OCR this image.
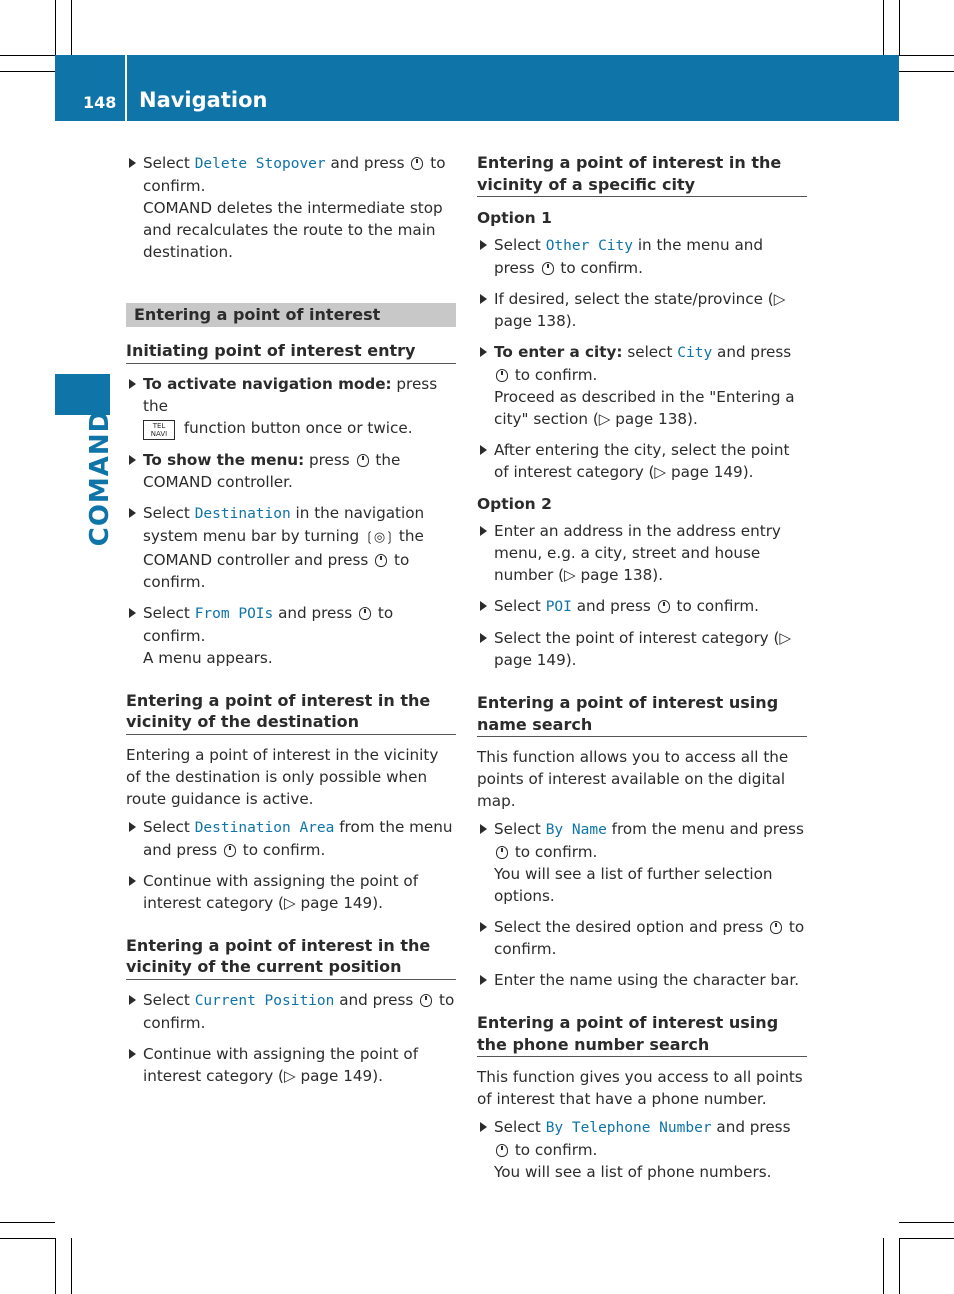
148 Navigation
COMAND
Select Delete Stopover and press  to confirm.
COMAND deletes the intermediate stop and recalculates the route to the main destination.
Entering a point of interest
Initiating point of interest entry
To activate navigation mode: press the
TEL
NAVI function button once or twice.
To show the menu: press  the COMAND controller.
Select Destination in the navigation system menu bar by turning ❲◎❳ the COMAND controller and press  to confirm.
Select From POIs and press  to confirm.
A menu appears.
Entering a point of interest in the vicinity of the destination
Entering a point of interest in the vicinity of the destination is only possible when route guidance is active.
Select Destination Area from the menu and press  to confirm.
Continue with assigning the point of interest category (▷ page 149).
Entering a point of interest in the vicinity of the current position
Select Current Position and press  to confirm.
Continue with assigning the point of interest category (▷ page 149).
Entering a point of interest in the vicinity of a specific city
Option 1
Select Other City in the menu and press  to confirm.
If desired, select the state/province (▷ page 138).
To enter a city: select City and press  to confirm.
Proceed as described in the "Entering a city" section (▷ page 138).
After entering the city, select the point of interest category (▷ page 149).
Option 2
Enter an address in the address entry menu, e.g. a city, street and house number (▷ page 138).
Select POI and press  to confirm.
Select the point of interest category (▷ page 149).
Entering a point of interest using name search
This function allows you to access all the points of interest available on the digital map.
Select By Name from the menu and press  to confirm.
You will see a list of further selection options.
Select the desired option and press  to confirm.
Enter the name using the character bar.
Entering a point of interest using the phone number search
This function gives you access to all points of interest that have a phone number.
Select By Telephone Number and press  to confirm.
You will see a list of phone numbers.
